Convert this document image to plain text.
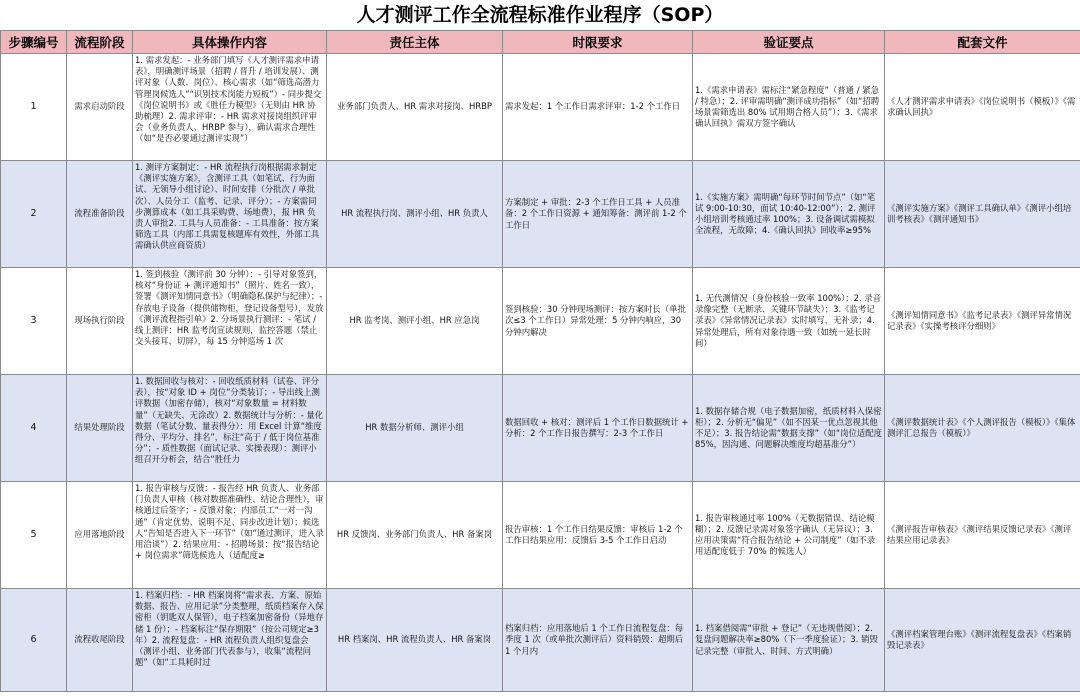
人才测评工作全流程标准作业程序（SOP）
步骤编号	流程阶段	具体操作内容	责任主体	时限要求	验证要点	配套文件

1	需求启动阶段	1. 需求发起：- 业务部门填写《人才测评需求申请表》，明确测评场景（招聘 / 晋升 / 培训发展）、测评对象（人数、岗位）、核心需求（如“筛选高潜力管理岗候选人”“识别技术岗能力短板”）- 同步提交《岗位说明书》或《胜任力模型》（无则由 HR 协助梳理）2. 需求评审：- HR 需求对接岗组织评审会（业务负责人、HRBP 参与），确认需求合理性（如“是否必要通过测评实现”）	业务部门负责人、HR 需求对接岗、HRBP	需求发起：1 个工作日需求评审：1-2 个工作日	1.《需求申请表》需标注“紧急程度”（普通 / 紧急 / 特急）；2. 评审需明确“测评成功指标”（如“招聘场景需筛选出 80% 试用期合格人员”）；3.《需求确认回执》需双方签字确认	《人才测评需求申请表》《岗位说明书（模板）》《需求确认回执》

2	流程准备阶段	1. 测评方案制定：- HR 流程执行岗根据需求制定《测评实施方案》，含测评工具（如笔试、行为面试、无领导小组讨论）、时间安排（分批次 / 单批次）、人员分工（监考、记录、评分）；- 方案需同步测算成本（如工具采购费、场地费），报 HR 负责人审批2. 工具与人员准备：- 工具准备：按方案筛选工具（内部工具需复核题库有效性，外部工具需确认供应商资质）	HR 流程执行岗、测评小组、HR 负责人	方案制定 + 审批：2-3 个工作日工具 + 人员准备：2 个工作日资源 + 通知筹备：测评前 1-2 个工作日	1.《实施方案》需明确“每环节时间节点”（如“笔试 9:00-10:30，面试 10:40-12:00”）；2. 测评小组培训考核通过率 100%；3. 设备调试需模拟全流程，无故障；4.《确认回执》回收率≥95%	《测评实施方案》《测评工具确认单》《测评小组培训考核表》《测评通知书》

3	现场执行阶段	1. 签到核验（测评前 30 分钟）：- 引导对象签到，核对“身份证 + 测评通知书”（照片、姓名一致），签署《测评知情同意书》（明确隐私保护与纪律）；- 存放电子设备（提供储物柜，登记设备型号），发放《测评流程指引单》2. 分场景执行测评：- 笔试 / 线上测评：HR 监考岗宣读规则，监控答题（禁止交头接耳、切屏），每 15 分钟巡场 1 次	HR 监考岗、测评小组、HR 应急岗	签到核验：30 分钟现场测评：按方案时长（单批次≤3 个工作日）异常处理：5 分钟内响应，30 分钟内解决	1. 无代测情况（身份核验一致率 100%）；2. 录音录像完整（无断录、关键环节缺失）；3.《监考记录表》《异常情况记录表》实时填写，无补录；4. 异常处理后，所有对象待遇一致（如统一延长时间）	《测评知情同意书》《监考记录表》《测评异常情况记录表》《实操考核评分细则》

4	结果处理阶段	1. 数据回收与核对：- 回收纸质材料（试卷、评分表），按“对象 ID + 岗位”分类装订；- 导出线上测评数据（加密存储），核对“对象数量 = 材料数量”（无缺失、无涂改）2. 数据统计与分析：- 量化数据（笔试分数、量表得分）：用 Excel 计算“维度得分、平均分、排名”，标注“高于 / 低于岗位基准分”；- 质性数据（面试记录、实操表现）：测评小组召开分析会，结合“胜任力	HR 数据分析师、测评小组	数据回收 + 核对：测评后 1 个工作日数据统计 + 分析：2 个工作日报告撰写：2-3 个工作日	1. 数据存储合规（电子数据加密，纸质材料入保密柜）；2. 分析无“偏见”（如不因某一优点忽视其他不足）；3. 报告结论需“数据支撑”（如“岗位适配度 85%，因沟通、问题解决维度均超基准分”）	《测评数据统计表》《个人测评报告（模板）》《集体测评汇总报告（模板）》

5	应用落地阶段	1. 报告审核与反馈：- 报告经 HR 负责人、业务部门负责人审核（核对数据准确性、结论合理性），审核通过后签字；- 反馈对象：内部员工“一对一沟通”（肯定优势、说明不足、同步改进计划）；候选人“告知是否进入下一环节”（如“通过测评，进入录用洽谈”）2. 结果应用：- 招聘场景：按“报告结论 + 岗位需求”筛选候选人（适配度≥	HR 反馈岗、业务部门负责人、HR 备案岗	报告审核：1 个工作日结果反馈：审核后 1-2 个工作日结果应用：反馈后 3-5 个工作日启动	1. 报告审核通过率 100%（无数据错误、结论模糊）；2. 反馈记录需对象签字确认（无异议）；3. 应用决策需“符合报告结论 + 公司制度”（如不录用适配度低于 70% 的候选人）	《测评报告审核表》《测评结果反馈记录表》《测评结果应用记录表》

6	流程收尾阶段	1. 档案归档：- HR 档案岗将“需求表、方案、原始数据、报告、应用记录”分类整理，纸质档案存入保密柜（钥匙双人保管），电子档案加密备份（异地存储 1 份）；- 档案标注“保存期限”（按公司规定≥3 年）2. 流程复盘：- HR 流程负责人组织复盘会（测评小组、业务部门代表参与），收集“流程问题”（如“工具耗时过	HR 档案岗、HR 流程负责人、HR 备案岗	档案归档：应用落地后 1 个工作日流程复盘：每季度 1 次（或单批次测评后）资料销毁：超期后 1 个月内	1. 档案借阅需“审批 + 登记”（无违规借阅）；2. 复盘问题解决率≥80%（下一季度验证）；3. 销毁记录完整（审批人、时间、方式明确）	《测评档案管理台账》《测评流程复盘表》《档案销毁记录表》
